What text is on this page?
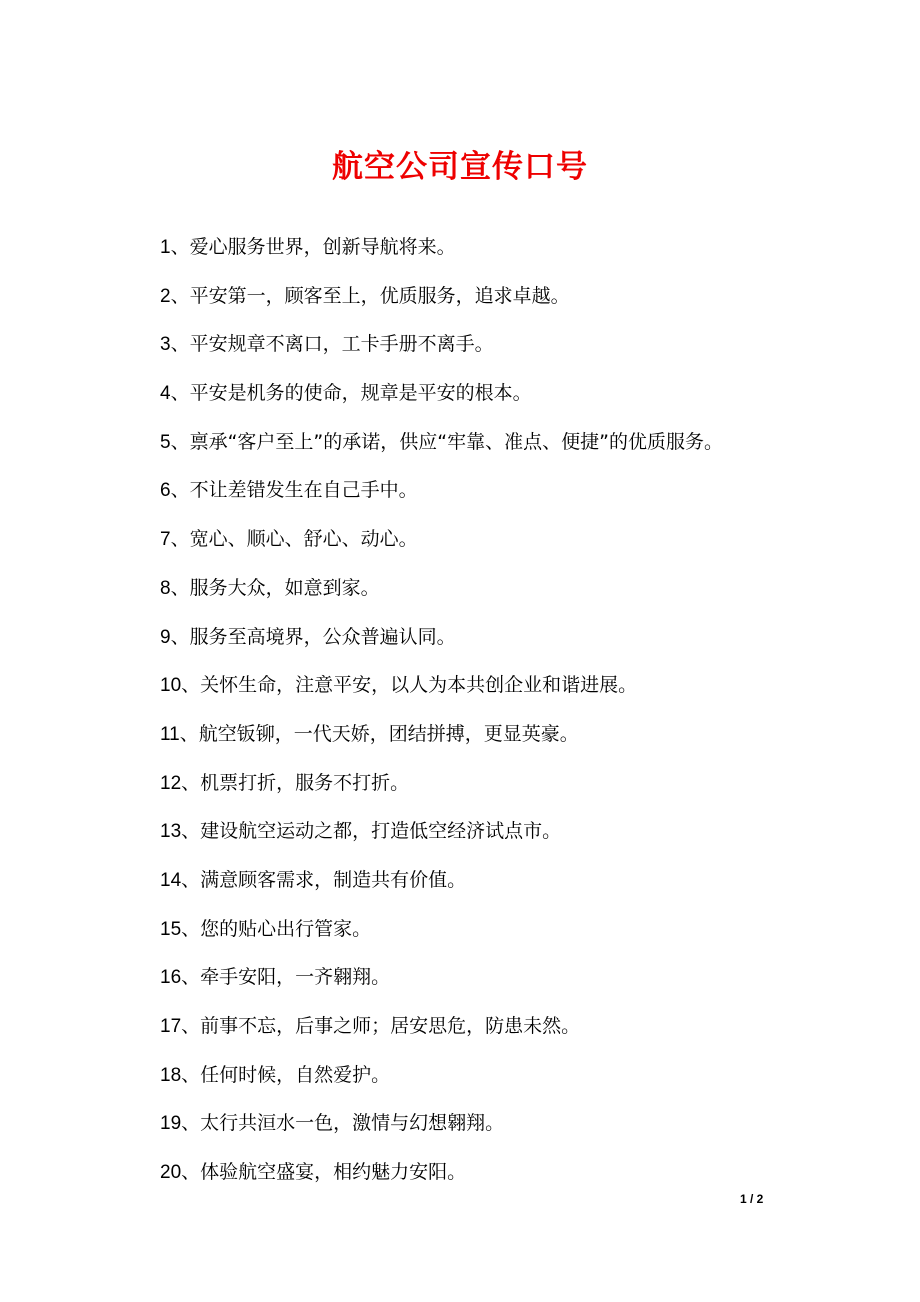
航空公司宣传口号
1、爱心服务世界，创新导航将来。
2、平安第一，顾客至上，优质服务，追求卓越。
3、平安规章不离口，工卡手册不离手。
4、平安是机务的使命，规章是平安的根本。
5、禀承“客户至上”的承诺，供应“牢靠、准点、便捷”的优质服务。
6、不让差错发生在自己手中。
7、宽心、顺心、舒心、动心。
8、服务大众，如意到家。
9、服务至高境界，公众普遍认同。
10、关怀生命，注意平安，以人为本共创企业和谐进展。
11、航空钣铆，一代天娇，团结拼搏，更显英豪。
12、机票打折，服务不打折。
13、建设航空运动之都，打造低空经济试点市。
14、满意顾客需求，制造共有价值。
15、您的贴心出行管家。
16、牵手安阳，一齐翱翔。
17、前事不忘，后事之师；居安思危，防患未然。
18、任何时候，自然爱护。
19、太行共洹水一色，激情与幻想翱翔。
20、体验航空盛宴，相约魅力安阳。
1 / 2
